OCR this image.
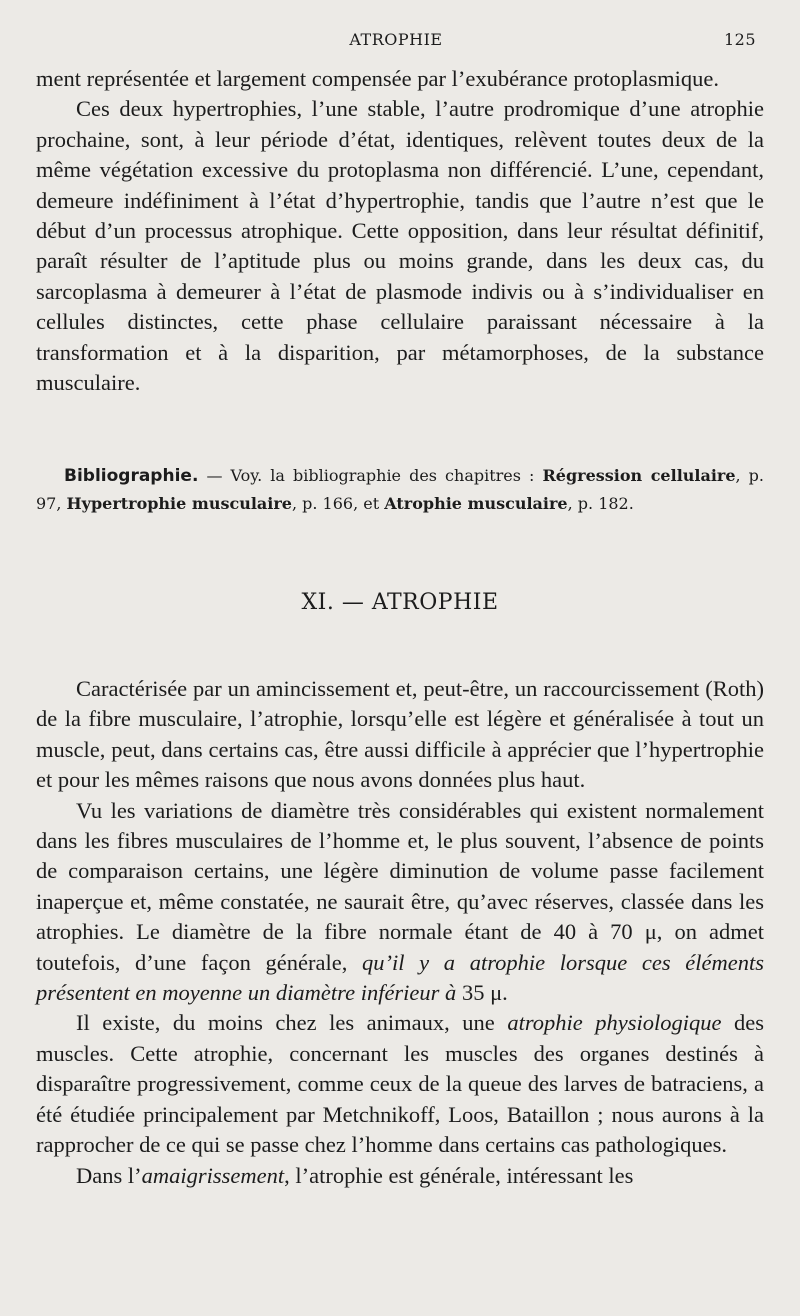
ATROPHIE	125

ment représentée et largement compensée par l’exubérance protoplasmique.

Ces deux hypertrophies, l’une stable, l’autre prodromique d’une atrophie prochaine, sont, à leur période d’état, identiques, relèvent toutes deux de la même végétation excessive du protoplasma non différencié. L’une, cependant, demeure indéfiniment à l’état d’hypertrophie, tandis que l’autre n’est que le début d’un processus atrophique. Cette opposition, dans leur résultat définitif, paraît résulter de l’aptitude plus ou moins grande, dans les deux cas, du sarcoplasma à demeurer à l’état de plasmode indivis ou à s’individualiser en cellules distinctes, cette phase cellulaire paraissant nécessaire à la transformation et à la disparition, par métamorphoses, de la substance musculaire.

Bibliographie. — Voy. la bibliographie des chapitres : Régression cellulaire, p. 97, Hypertrophie musculaire, p. 166, et Atrophie musculaire, p. 182.

XI. — ATROPHIE

Caractérisée par un amincissement et, peut-être, un raccourcissement (Roth) de la fibre musculaire, l’atrophie, lorsqu’elle est légère et généralisée à tout un muscle, peut, dans certains cas, être aussi difficile à apprécier que l’hypertrophie et pour les mêmes raisons que nous avons données plus haut.

Vu les variations de diamètre très considérables qui existent normalement dans les fibres musculaires de l’homme et, le plus souvent, l’absence de points de comparaison certains, une légère diminution de volume passe facilement inaperçue et, même constatée, ne saurait être, qu’avec réserves, classée dans les atrophies. Le diamètre de la fibre normale étant de 40 à 70 μ, on admet toutefois, d’une façon générale, qu’il y a atrophie lorsque ces éléments présentent en moyenne un diamètre inférieur à 35 μ.

Il existe, du moins chez les animaux, une atrophie physiologique des muscles. Cette atrophie, concernant les muscles des organes destinés à disparaître progressivement, comme ceux de la queue des larves de batraciens, a été étudiée principalement par Metchnikoff, Loos, Bataillon ; nous aurons à la rapprocher de ce qui se passe chez l’homme dans certains cas pathologiques.

Dans l’amaigrissement, l’atrophie est générale, intéressant les
